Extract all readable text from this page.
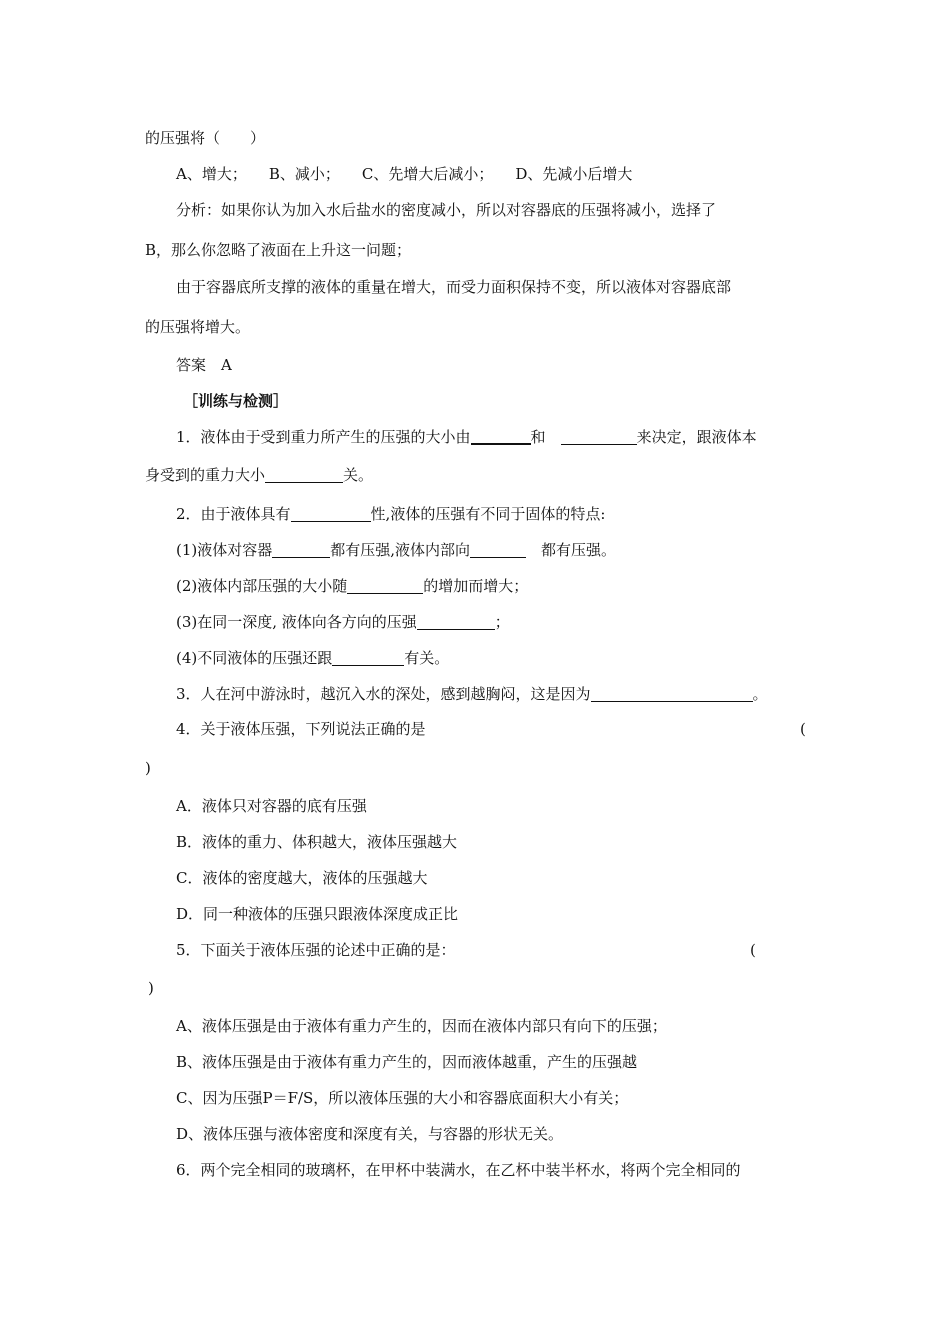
的压强将（　　）
A、增大； B、减小； C、先增大后减小； D、先减小后增大
分析：如果你认为加入水后盐水的密度减小，所以对容器底的压强将减小，选择了
B，那么你忽略了液面在上升这一问题；
由于容器底所支撑的液体的重量在增大，而受力面积保持不变，所以液体对容器底部
的压强将增大。
答案　A
［训练与检测］
1．液体由于受到重力所产生的压强的大小由	和　	来决定，跟液体本
身受到的重力大小	关。
2．由于液体具有	性,液体的压强有不同于固体的特点:
(1)液体对容器	都有压强,液体内部向　	都有压强。
(2)液体内部压强的大小随	的增加而增大；
(3)在同一深度, 液体向各方向的压强	；
(4)不同液体的压强还跟	有关。
3．人在河中游泳时，越沉入水的深处，感到越胸闷，这是因为	。
4．关于液体压强，下列说法正确的是	(
)
A．液体只对容器的底有压强
B．液体的重力、体积越大，液体压强越大
C．液体的密度越大，液体的压强越大
D．同一种液体的压强只跟液体深度成正比
5．下面关于液体压强的论述中正确的是：	(
)
A、液体压强是由于液体有重力产生的，因而在液体内部只有向下的压强；
B、液体压强是由于液体有重力产生的，因而液体越重，产生的压强越
C、因为压强P＝F/S，所以液体压强的大小和容器底面积大小有关；
D、液体压强与液体密度和深度有关，与容器的形状无关。
6．两个完全相同的玻璃杯，在甲杯中装满水，在乙杯中装半杯水，将两个完全相同的
